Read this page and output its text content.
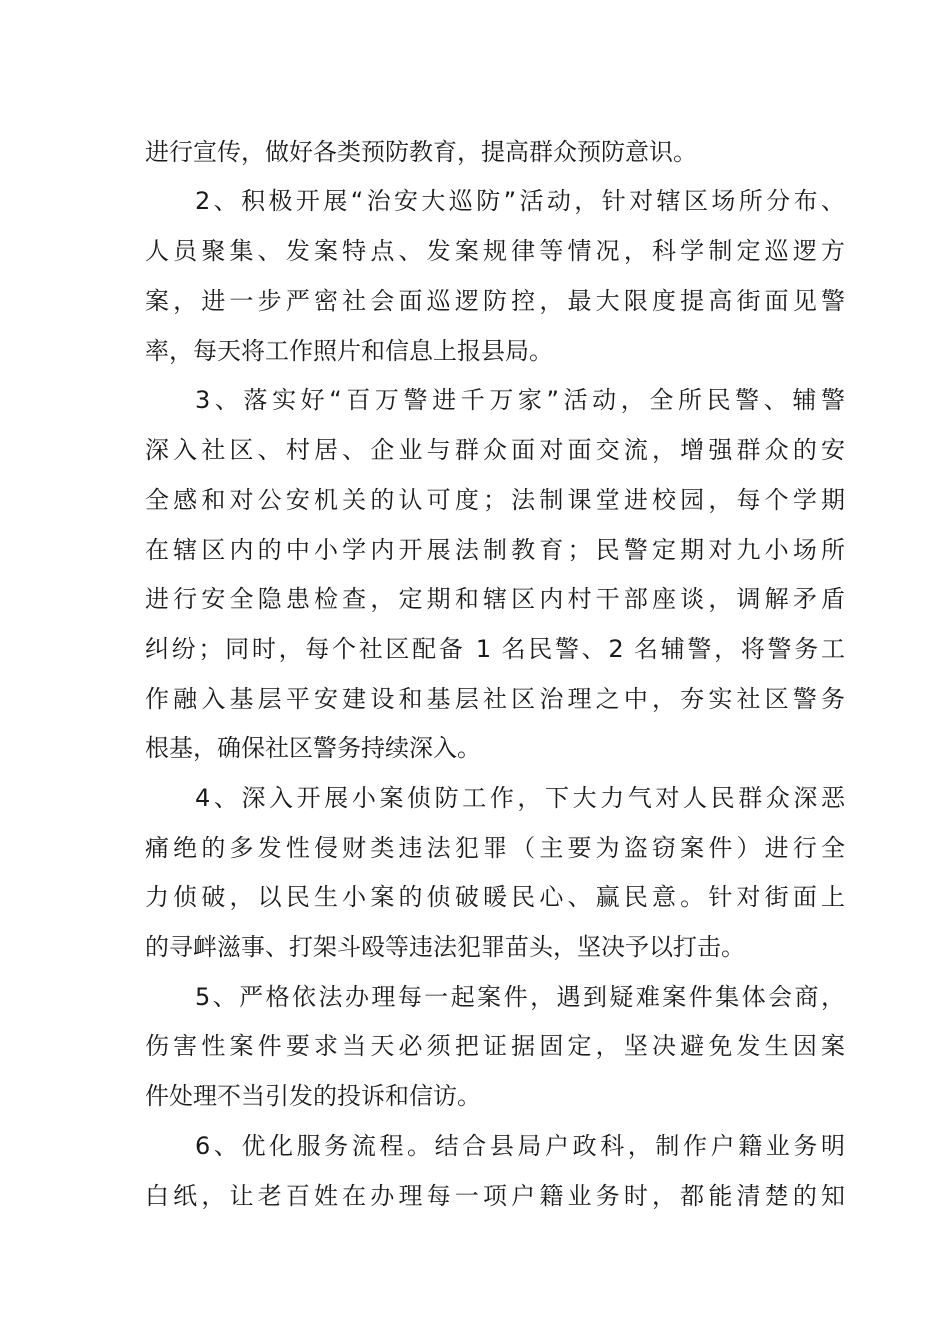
进行宣传，做好各类预防教育，提高群众预防意识。
2、积极开展“治安大巡防”活动，针对辖区场所分布、
人员聚集、发案特点、发案规律等情况，科学制定巡逻方
案，进一步严密社会面巡逻防控，最大限度提高街面见警
率，每天将工作照片和信息上报县局。
3、落实好“百万警进千万家”活动，全所民警、辅警
深入社区、村居、企业与群众面对面交流，增强群众的安
全感和对公安机关的认可度；法制课堂进校园，每个学期
在辖区内的中小学内开展法制教育；民警定期对九小场所
进行安全隐患检查，定期和辖区内村干部座谈，调解矛盾
纠纷；同时，每个社区配备 1 名民警、2 名辅警，将警务工
作融入基层平安建设和基层社区治理之中，夯实社区警务
根基，确保社区警务持续深入。
4、深入开展小案侦防工作，下大力气对人民群众深恶
痛绝的多发性侵财类违法犯罪（主要为盗窃案件）进行全
力侦破，以民生小案的侦破暖民心、赢民意。针对街面上
的寻衅滋事、打架斗殴等违法犯罪苗头，坚决予以打击。
5、严格依法办理每一起案件，遇到疑难案件集体会商，
伤害性案件要求当天必须把证据固定，坚决避免发生因案
件处理不当引发的投诉和信访。
6、优化服务流程。结合县局户政科，制作户籍业务明
白纸，让老百姓在办理每一项户籍业务时，都能清楚的知
